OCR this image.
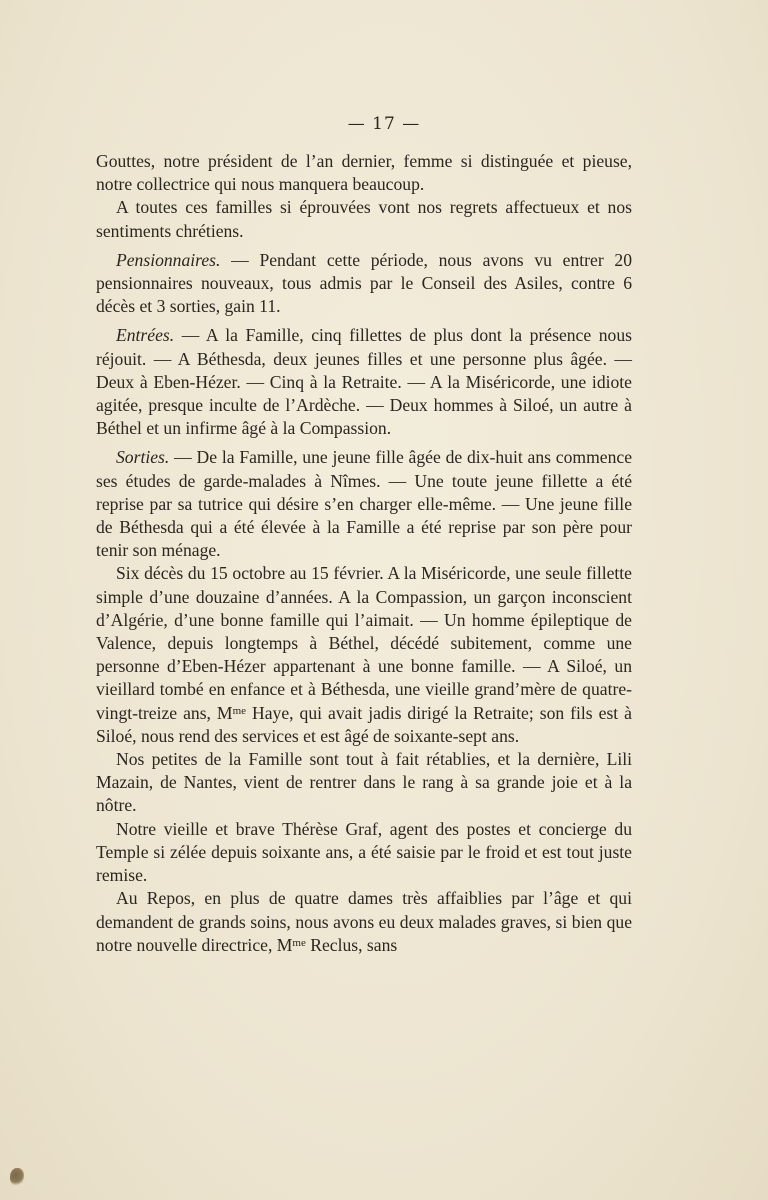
— 17 —

Gouttes, notre président de l’an dernier, femme si distinguée et pieuse, notre collectrice qui nous manquera beaucoup.

A toutes ces familles si éprouvées vont nos regrets affectueux et nos sentiments chrétiens.

Pensionnaires. — Pendant cette période, nous avons vu entrer 20 pensionnaires nouveaux, tous admis par le Conseil des Asiles, contre 6 décès et 3 sorties, gain 11.

Entrées. — A la Famille, cinq fillettes de plus dont la présence nous réjouit. — A Béthesda, deux jeunes filles et une personne plus âgée. — Deux à Eben-Hézer. — Cinq à la Retraite. — A la Miséricorde, une idiote agitée, presque inculte de l’Ardèche. — Deux hommes à Siloé, un autre à Béthel et un infirme âgé à la Compassion.

Sorties. — De la Famille, une jeune fille âgée de dix-huit ans commence ses études de garde-malades à Nîmes. — Une toute jeune fillette a été reprise par sa tutrice qui désire s’en charger elle-même. — Une jeune fille de Béthesda qui a été élevée à la Famille a été reprise par son père pour tenir son ménage.

Six décès du 15 octobre au 15 février. A la Miséricorde, une seule fillette simple d’une douzaine d’années. A la Compassion, un garçon inconscient d’Algérie, d’une bonne famille qui l’aimait. — Un homme épileptique de Valence, depuis longtemps à Béthel, décédé subitement, comme une personne d’Eben-Hézer appartenant à une bonne famille. — A Siloé, un vieillard tombé en enfance et à Béthesda, une vieille grand’mère de quatre-vingt-treize ans, $M^{me}$ Haye, qui avait jadis dirigé la Retraite; son fils est à Siloé, nous rend des services et est âgé de soixante-sept ans.

Nos petites de la Famille sont tout à fait rétablies, et la dernière, Lili Mazain, de Nantes, vient de rentrer dans le rang à sa grande joie et à la nôtre.

Notre vieille et brave Thérèse Graf, agent des postes et concierge du Temple si zélée depuis soixante ans, a été saisie par le froid et est tout juste remise.

Au Repos, en plus de quatre dames très affaiblies par l’âge et qui demandent de grands soins, nous avons eu deux malades graves, si bien que notre nouvelle directrice, $M^{me}$ Reclus, sans
